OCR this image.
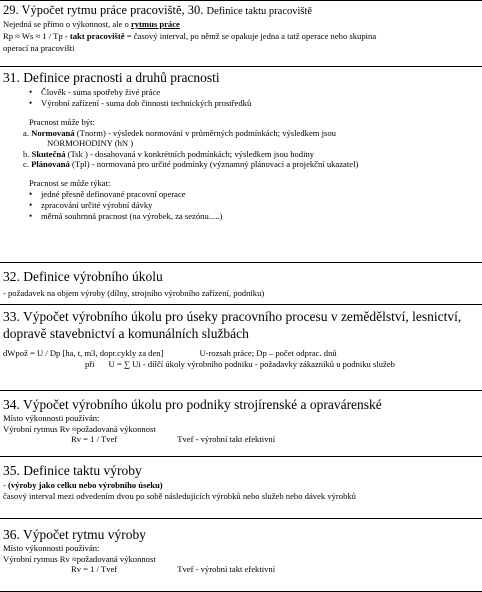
29. Výpočet rytmu práce pracoviště, 30. Definice taktu pracoviště
Nejedná se přímo o výkonnost, ale o rytmus práce
Rp ≈ Ws ≈ 1 / Tp - takt pracoviště = časový interval, po němž se opakuje jedna a tatž operace nebo skupina
operací na pracovišti
31. Definice pracnosti a druhů pracnosti
• Člověk - suma spotřeby živé práce
• Výrobní zařízení - suma dob činnosti technických prostředků
Pracnost může být:
a. Normovaná (Tnorm) - výsledek normování v průměrných podmínkách; výsledkem jsou
NORMOHODINY (hN )
b. Skutečná (Tsk ) - dosahovaná v konkrétních podmínkách; výsledkem jsou hodiny
c. Plánovaná (Tpl) - normovaná pro určité podmínky (významný plánovací a projekční ukazatel)
Pracnost se může týkat:
• jedné přesně definované pracovní operace
• zpracování určité výrobní dávky
• měrná souhrnná pracnost (na výrobek, za sezónu.....)
32. Definice výrobního úkolu
- požadavek na objem výroby (dílny, strojního výrobního zařízení, podniku)
33. Výpočet výrobního úkolu pro úseky pracovního procesu v zemědělství, lesnictví, dopravě stavebnictví a komunálních službách
dWpož = U / Dp [ha, t, m3, dopr.cykly za den]	U-rozsah práce; Dp – počet odprac. dnů
při U = ∑ Ui - dílčí úkoly výrobního podniku - požadavky zákazníků u podniku služeb
34. Výpočet výrobního úkolu pro podniky strojírenské a opravárenské
Místo výkonnosti používán:
Výrobní rytmus Rv ≈požadovaná výkonnost
Rv = 1 / Tvef	Tvef - výrobní takt efektivní
35. Definice taktu výroby
- (výroby jako celku nebo výrobního úseku)
časový interval mezi odvedením dvou po sobě následujících výrobků nebo služeb nebo dávek výrobků
36. Výpočet rytmu výroby
Místo výkonnosti používán:
Výrobní rytmus Rv ≈požadovaná výkonnost
Rv = 1 / Tvef	Tvef - výrobní takt efektivní
